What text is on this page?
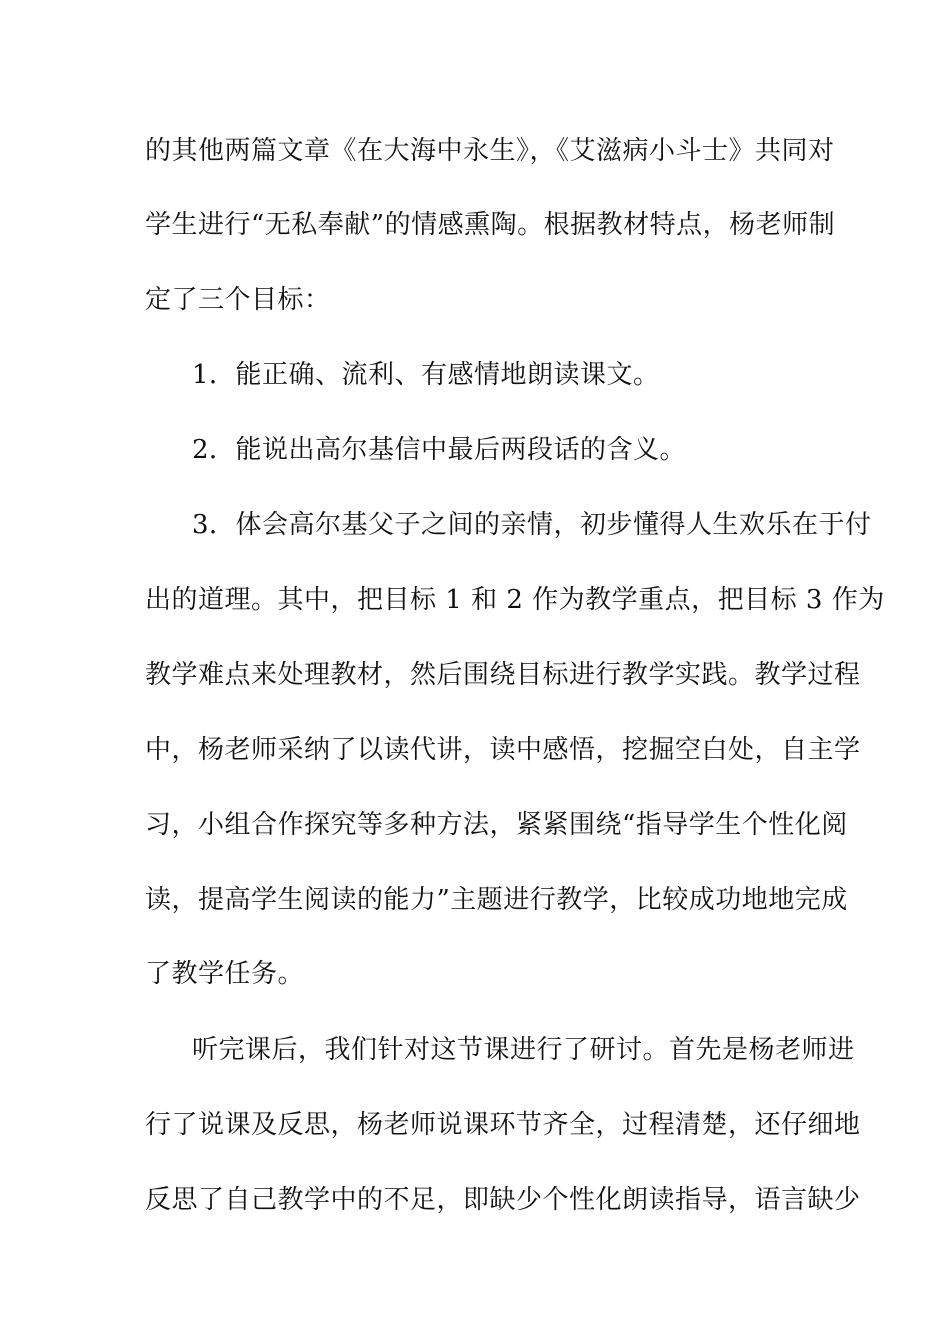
的其他两篇文章《在大海中永生》，《艾滋病小斗士》共同对
学生进行“无私奉献”的情感熏陶。根据教材特点，杨老师制
定了三个目标：
1．能正确、流利、有感情地朗读课文。
2．能说出高尔基信中最后两段话的含义。
3．体会高尔基父子之间的亲情，初步懂得人生欢乐在于付
出的道理。其中，把目标 1 和 2 作为教学重点，把目标 3 作为
教学难点来处理教材，然后围绕目标进行教学实践。教学过程
中，杨老师采纳了以读代讲，读中感悟，挖掘空白处，自主学
习，小组合作探究等多种方法，紧紧围绕“指导学生个性化阅
读，提高学生阅读的能力”主题进行教学，比较成功地地完成
了教学任务。
听完课后，我们针对这节课进行了研讨。首先是杨老师进
行了说课及反思，杨老师说课环节齐全，过程清楚，还仔细地
反思了自己教学中的不足，即缺少个性化朗读指导，语言缺少
